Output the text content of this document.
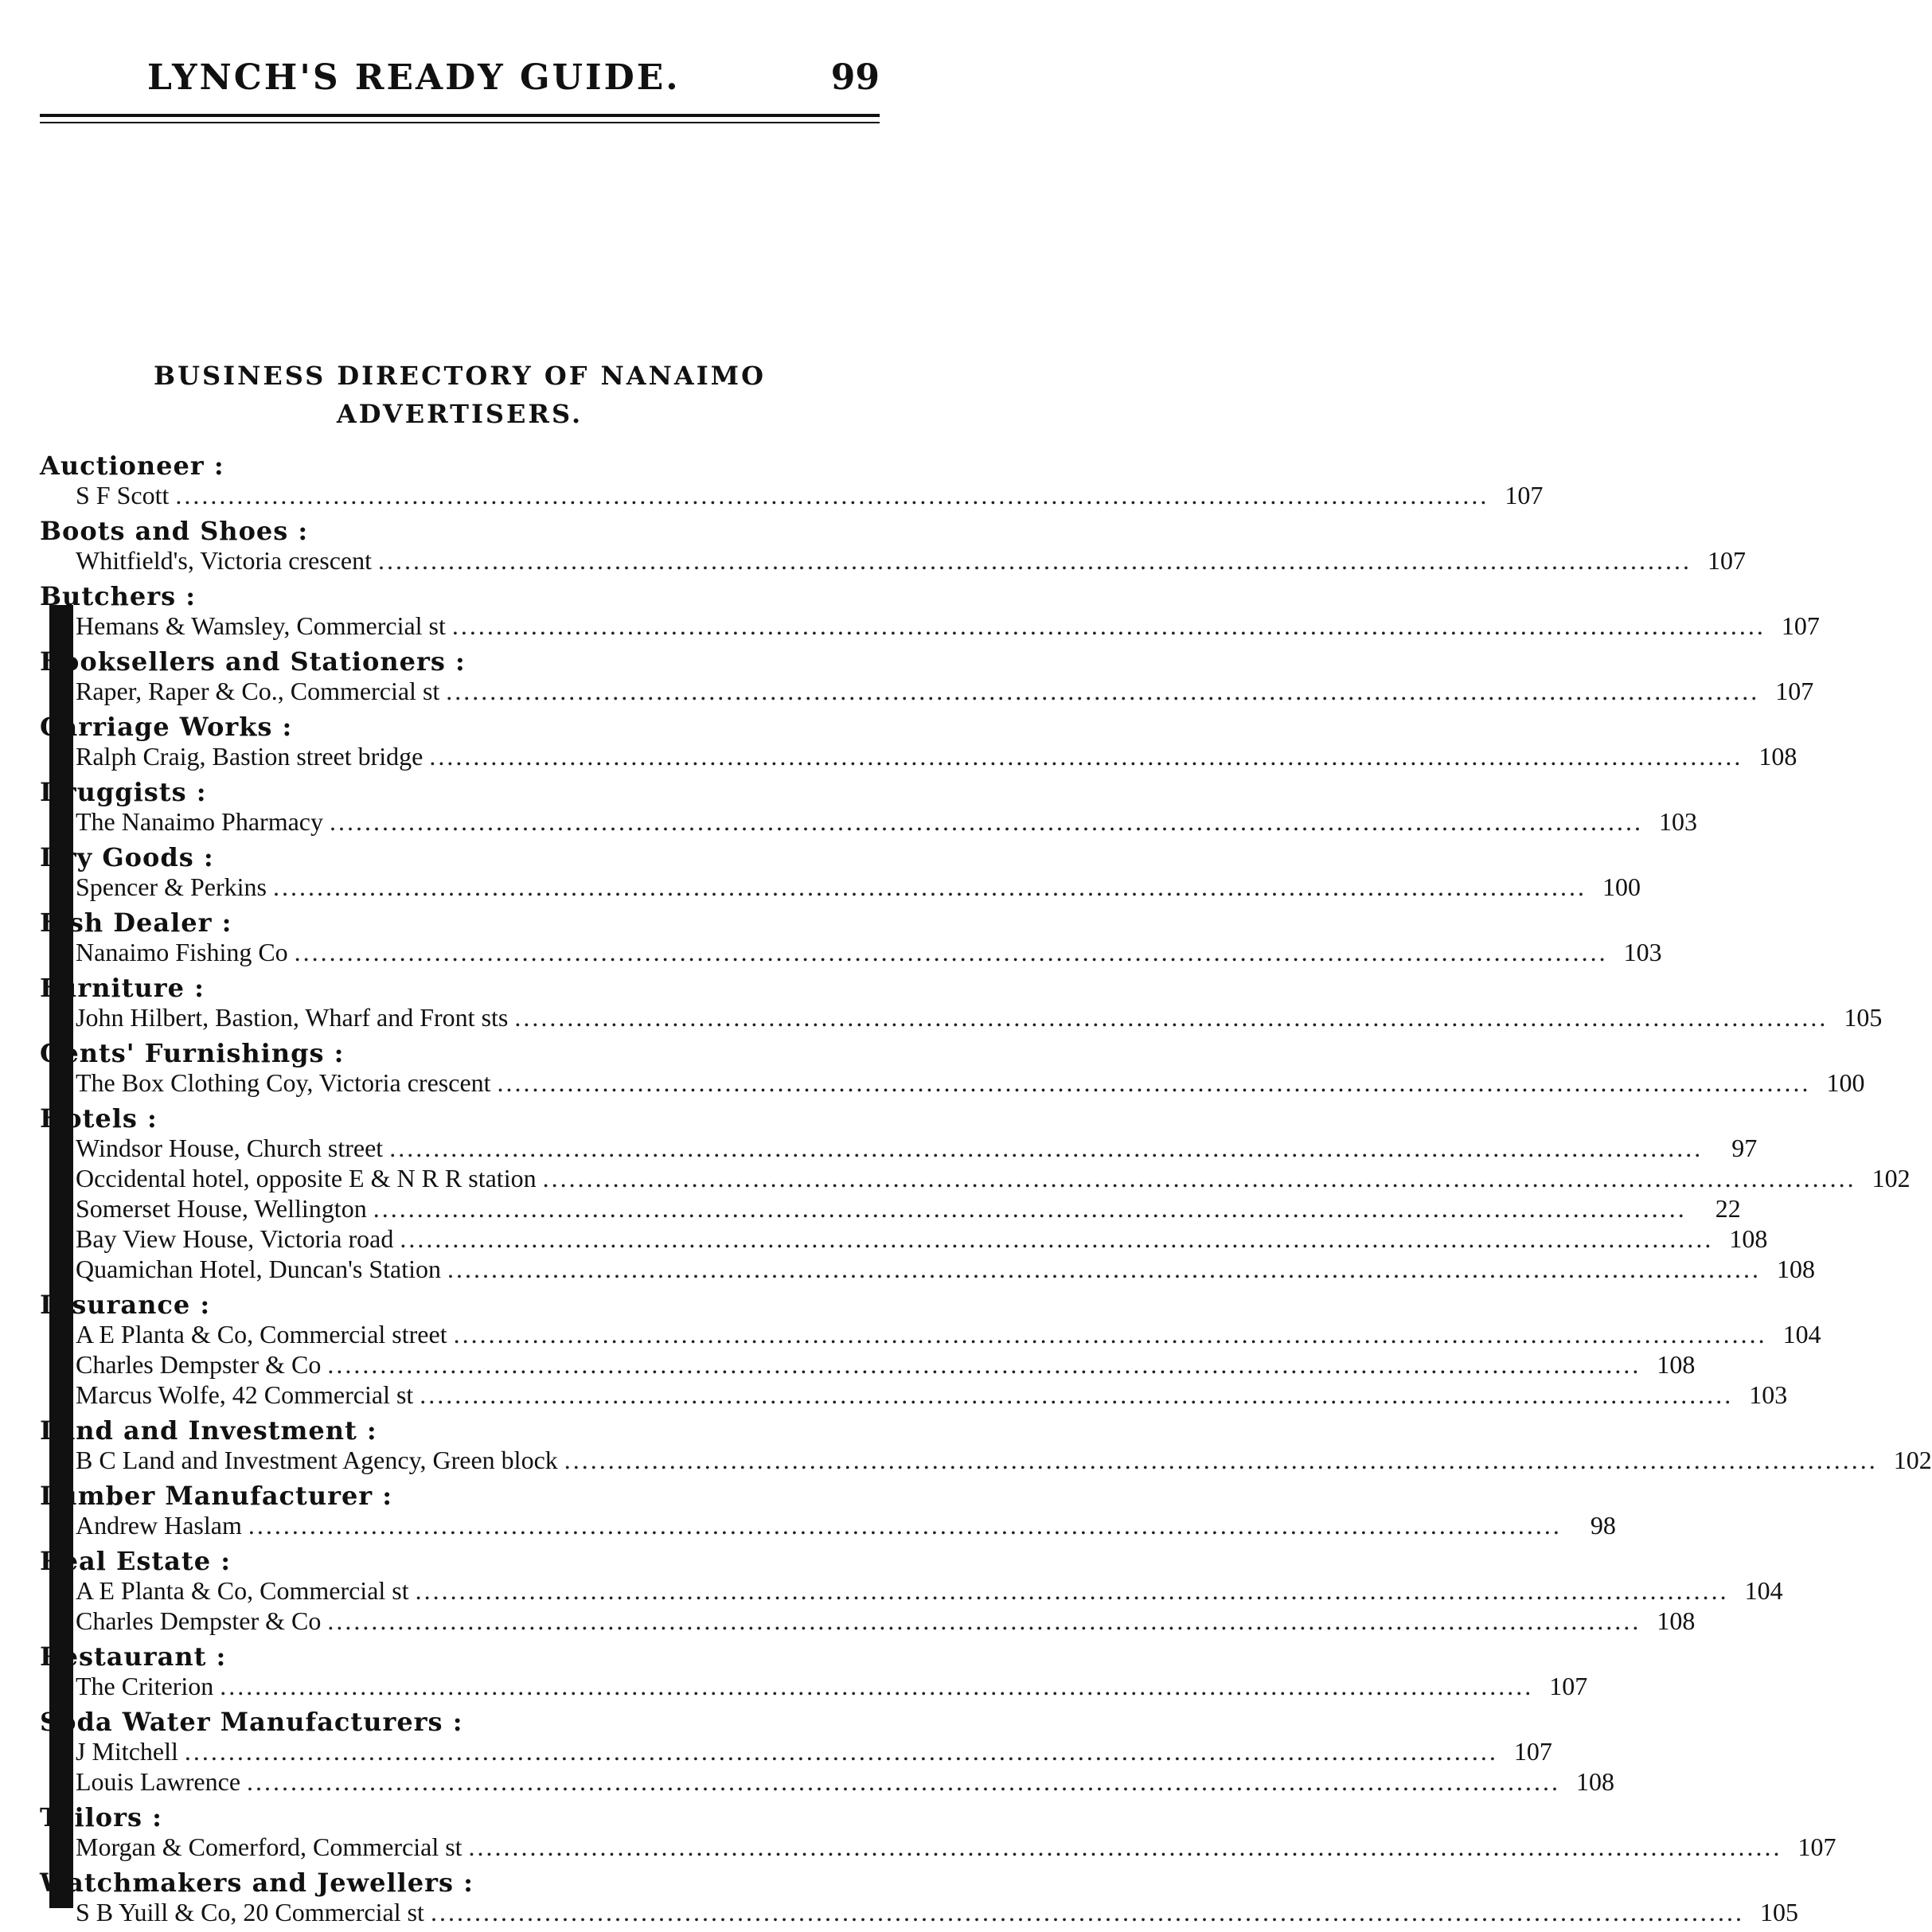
LYNCH'S READY GUIDE.	99
BUSINESS DIRECTORY OF NANAIMO ADVERTISERS.
Auctioneer :
S F Scott .....	107
Boots and Shoes :
Whitfield's, Victoria crescent .....	107
Butchers :
Hemans & Wamsley, Commercial st .....	107
Booksellers and Stationers :
Raper, Raper & Co., Commercial st .....	107
Carriage Works :
Ralph Craig, Bastion street bridge .....	108
Druggists :
The Nanaimo Pharmacy .....	103
Dry Goods :
Spencer & Perkins .....	100
Fish Dealer :
Nanaimo Fishing Co .....	103
Furniture :
John Hilbert, Bastion, Wharf and Front sts .....	105
Gents' Furnishings :
The Box Clothing Coy, Victoria crescent .....	100
Hotels :
Windsor House, Church street .....	97
Occidental hotel, opposite E & N R R station .....	102
Somerset House, Wellington .....	22
Bay View House, Victoria road .....	108
Quamichan Hotel, Duncan's Station .....	108
Insurance :
A E Planta & Co, Commercial street .....	104
Charles Dempster & Co .....	108
Marcus Wolfe, 42 Commercial st .....	103
Land and Investment :
B C Land and Investment Agency, Green block .....	102
Lumber Manufacturer :
Andrew Haslam .....	98
Real Estate :
A E Planta & Co, Commercial st .....	104
Charles Dempster & Co .....	108
Restaurant :
The Criterion .....	107
Soda Water Manufacturers :
J Mitchell .....	107
Louis Lawrence .....	108
Tailors :
Morgan & Comerford, Commercial st .....	107
Watchmakers and Jewellers :
S B Yuill & Co, 20 Commercial st .....	105
